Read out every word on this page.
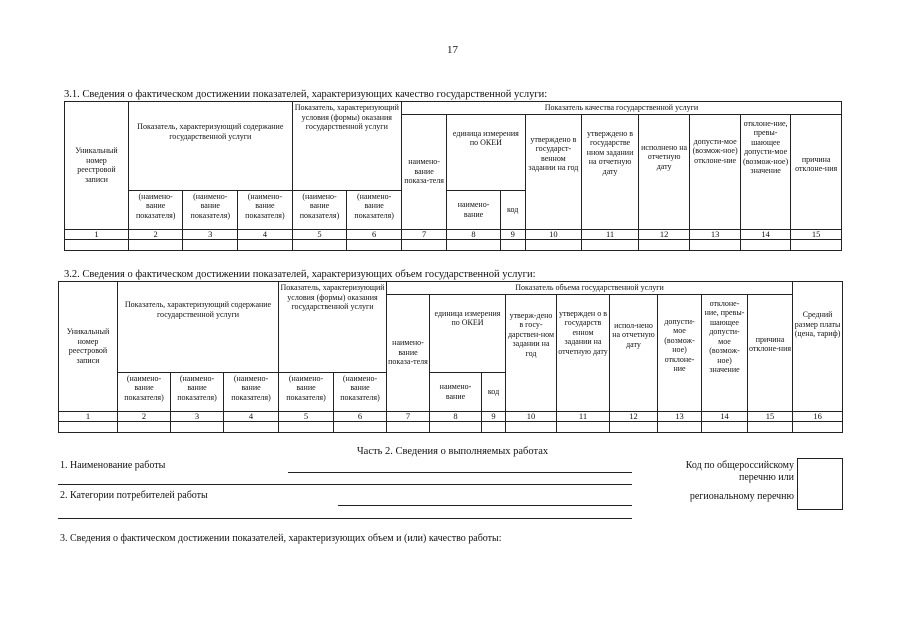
17
3.1. Сведения о фактическом достижении показателей, характеризующих качество государственной услуги:
Уникальный номер реестровой записи	Показатель, характеризующий содержание государственной услуги			Показатель, характеризующий условия (формы) оказания государственной услуги		Показатель качества государственной услуги								
						наимено-вание показа-теля	единица измерения по ОКЕИ		утверждено в государст-венном задании на год	утверждено в государстве нном задании на отчетную дату	исполнено на отчетную дату	допусти-мое (возмож-ное) отклоне-ние	отклоне-ние, превы-шающее допусти-мое (возмож-ное) значение	причина отклоне-ния
	(наимено-вание показателя)	(наимено-вание показателя)	(наимено-вание показателя)	(наимено-вание показателя)	(наимено-вание показателя)		наимено-вание	код						
1	2	3	4	5	6	7	8	9	10	11	12	13	14	15

3.2. Сведения о фактическом достижении показателей, характеризующих объем государственной услуги:
Уникальный номер реестровой записи	Показатель, характеризующий содержание государственной услуги			Показатель, характеризующий условия (формы) оказания государственной услуги		Показатель объема государственной услуги									Средний размер платы (цена, тариф)
						наимено-вание показа-теля	единица измерения по ОКЕИ		утверж-дено в госу-дарствен-ном задании на год	утвержден о в государств енном задании на отчетную дату	испол-нено на отчетную дату	допусти-мое (возмож-ное) отклоне-ние	отклоне-ние, превы-шающее допусти-мое (возмож-ное) значение	причина отклоне-ния	
	(наимено-вание показателя)	(наимено-вание показателя)	(наимено-вание показателя)	(наимено-вание показателя)	(наимено-вание показателя)		наимено-вание	код							
1	2	3	4	5	6	7	8	9	10	11	12	13	14	15	16

Часть 2. Сведения о выполняемых работах
1. Наименование работы
2. Категории потребителей работы
Код по общероссийскому
перечню или
региональному перечню
3. Сведения о фактическом достижении показателей, характеризующих объем и (или) качество работы:
